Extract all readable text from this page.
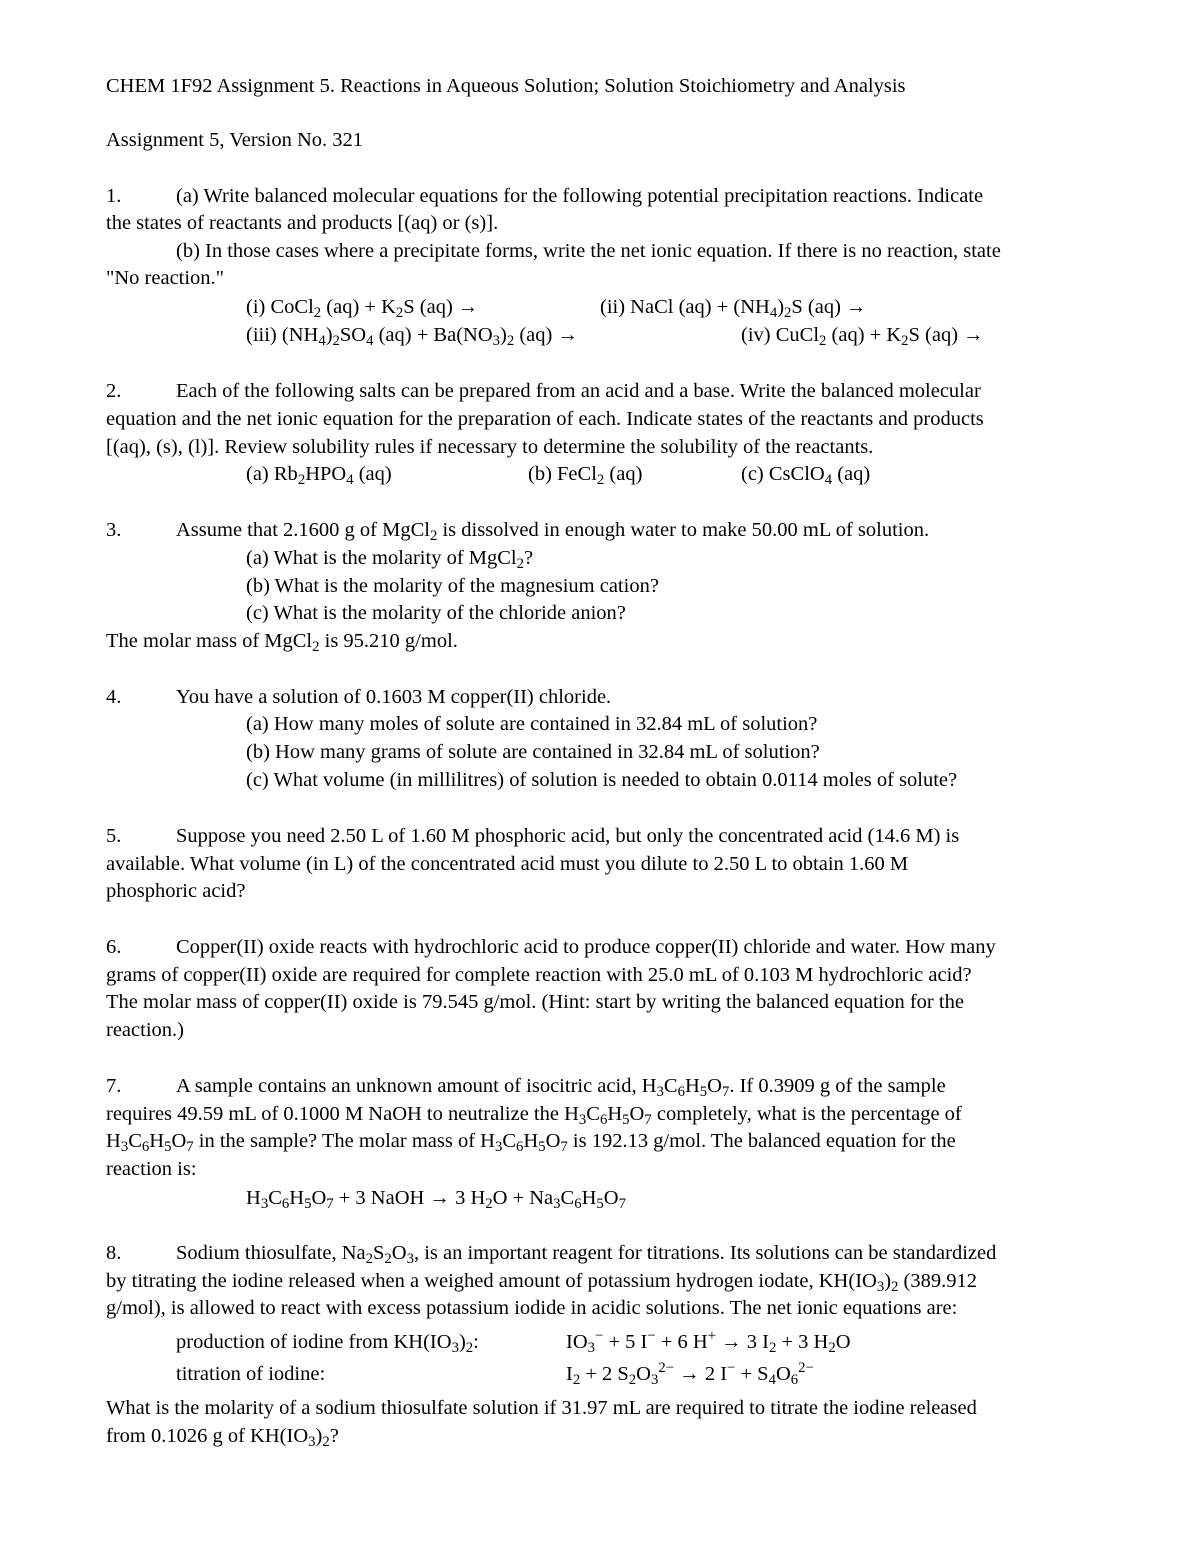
CHEM 1F92 Assignment 5. Reactions in Aqueous Solution; Solution Stoichiometry and Analysis
Assignment 5, Version No. 321
1.	(a) Write balanced molecular equations for the following potential precipitation reactions. Indicate
the states of reactants and products [(aq) or (s)].
(b) In those cases where a precipitate forms, write the net ionic equation. If there is no reaction, state
"No reaction."
(i) CoCl$_2$ $(aq) + K_2S$ (aq) →	(ii) NaCl $(aq) + (NH_4)_2S$ (aq) →
(iii) $(NH_4)_2SO_4$ $(aq) + Ba(NO_3)_2$ (aq) →	(iv) CuCl$_2$ $(aq) + K_2S$ (aq) →
2.	Each of the following salts can be prepared from an acid and a base. Write the balanced molecular
equation and the net ionic equation for the preparation of each. Indicate states of the reactants and products
[(aq), (s), (l)]. Review solubility rules if necessary to determine the solubility of the reactants.
(a) $Rb_2HPO_4$ (aq)	(b) FeCl$_2$ (aq)	(c) CsClO$_4$ (aq)
3.	Assume that 2.1600 g of MgCl$_2$ is dissolved in enough water to make 50.00 mL of solution.
(a) What is the molarity of MgCl$_2$?
(b) What is the molarity of the magnesium cation?
(c) What is the molarity of the chloride anion?
The molar mass of MgCl$_2$ is 95.210 g/mol.
4.	You have a solution of 0.1603 M copper(II) chloride.
(a) How many moles of solute are contained in 32.84 mL of solution?
(b) How many grams of solute are contained in 32.84 mL of solution?
(c) What volume (in millilitres) of solution is needed to obtain 0.0114 moles of solute?
5.	Suppose you need 2.50 L of 1.60 M phosphoric acid, but only the concentrated acid (14.6 M) is
available. What volume (in L) of the concentrated acid must you dilute to 2.50 L to obtain 1.60 M
phosphoric acid?
6.	Copper(II) oxide reacts with hydrochloric acid to produce copper(II) chloride and water. How many
grams of copper(II) oxide are required for complete reaction with 25.0 mL of 0.103 M hydrochloric acid?
The molar mass of copper(II) oxide is 79.545 g/mol. (Hint: start by writing the balanced equation for the
reaction.)
7.	A sample contains an unknown amount of isocitric acid, $H_3C_6H_5O_7$. If 0.3909 g of the sample
requires 49.59 mL of 0.1000 M NaOH to neutralize the $H_3C_6H_5O_7$ completely, what is the percentage of
$H_3C_6H_5O_7$ in the sample? The molar mass of $H_3C_6H_5O_7$ is 192.13 g/mol. The balanced equation for the
reaction is:
$H_3C_6H_5O_7 + 3$ NaOH → 3 $H_2O + Na_3C_6H_5O_7$
8.	Sodium thiosulfate, $Na_2S_2O_3$, is an important reagent for titrations. Its solutions can be standardized
by titrating the iodine released when a weighed amount of potassium hydrogen iodate, $KH(IO_3)_2$ (389.912
g/mol), is allowed to react with excess potassium iodide in acidic solutions. The net ionic equations are:
production of iodine from $KH(IO_3)_2$:	$IO_3^- + 5$ I− + 6 H+ → 3 $I_2 + 3$ $H_2O$
titration of iodine:	$I_2 + 2$ $S_2O_3^{2-} \to 2$ $I^- + S_4O_6^{2-}$
What is the molarity of a sodium thiosulfate solution if 31.97 mL are required to titrate the iodine released
from 0.1026 g of $KH(IO_3)_2$?
